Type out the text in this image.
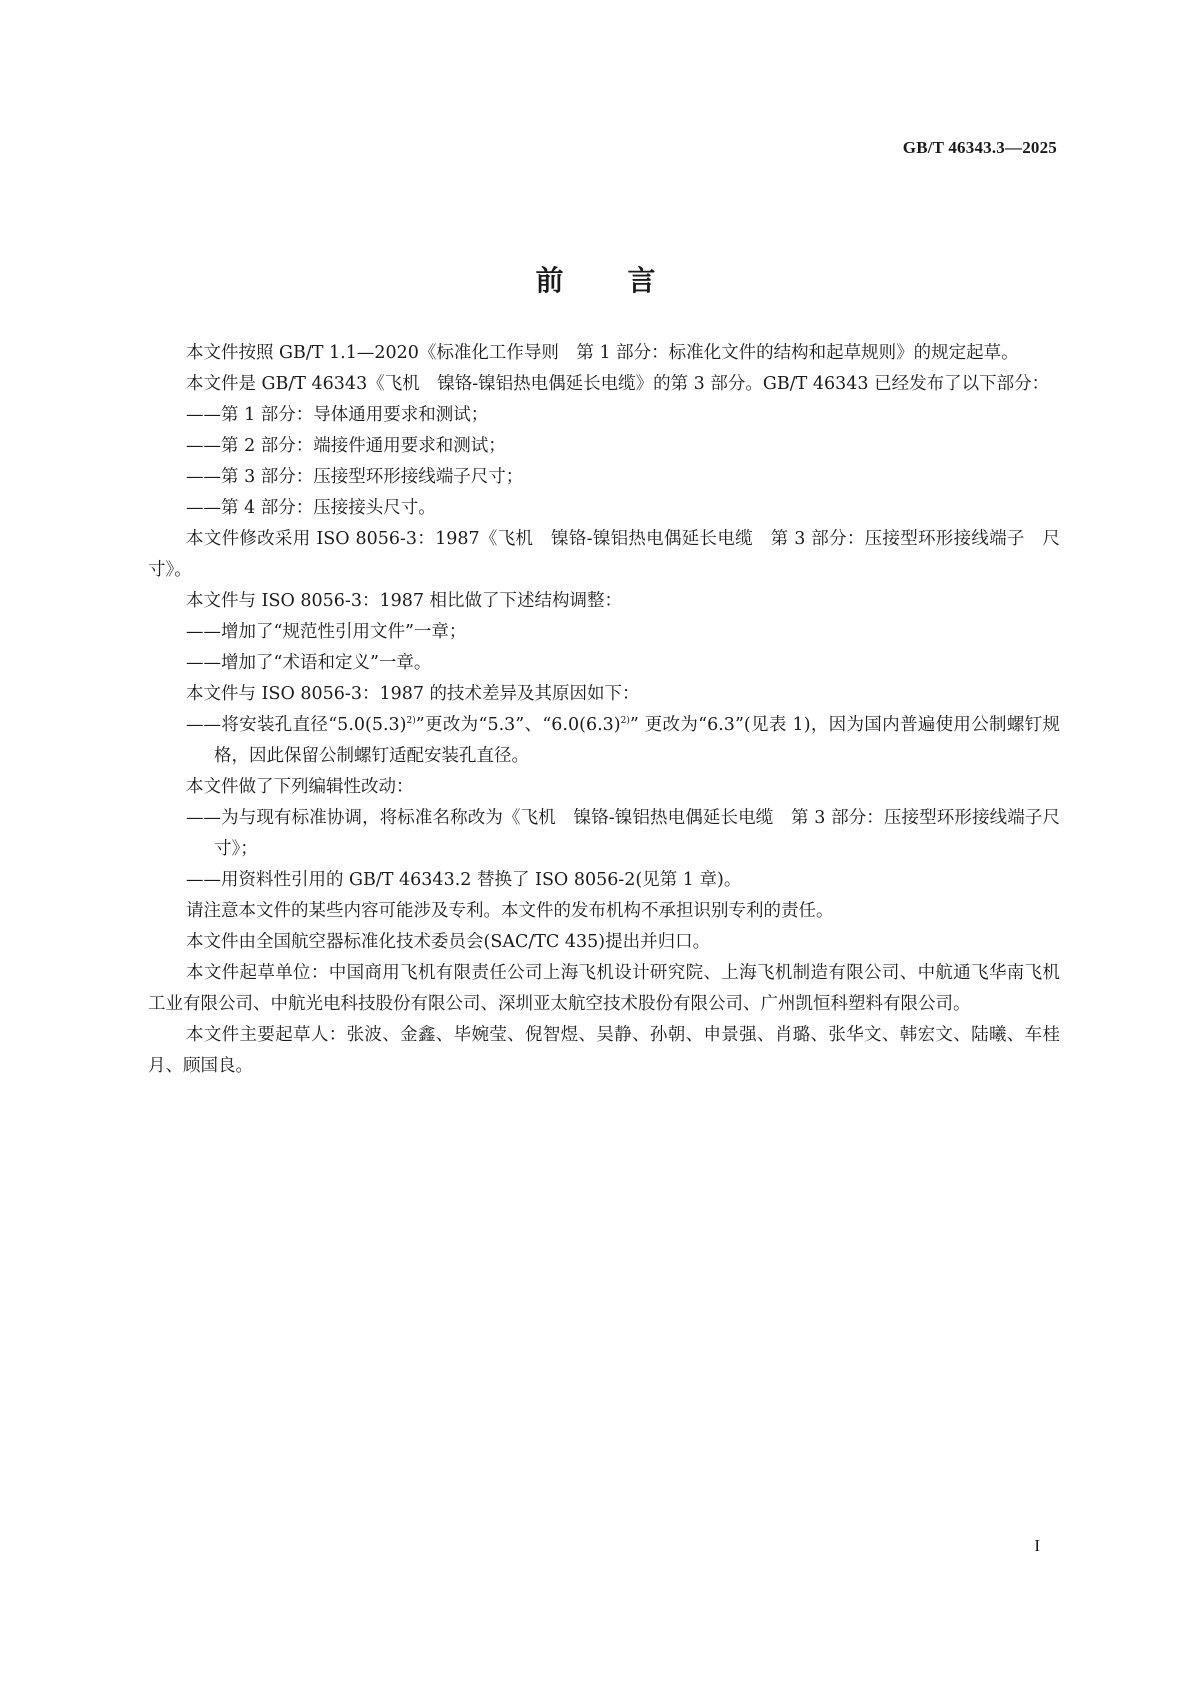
GB/T 46343.3—2025
前言

本文件按照 GB/T 1.1—2020《标准化工作导则　第 1 部分：标准化文件的结构和起草规则》的规定起草。

本文件是 GB/T 46343《飞机　镍铬-镍铝热电偶延长电缆》的第 3 部分。GB/T 46343 已经发布了以下部分：

——第 1 部分：导体通用要求和测试；

——第 2 部分：端接件通用要求和测试；

——第 3 部分：压接型环形接线端子尺寸；

——第 4 部分：压接接头尺寸。

本文件修改采用 ISO 8056-3：1987《飞机　镍铬-镍铝热电偶延长电缆　第 3 部分：压接型环形接线端子　尺寸》。

本文件与 ISO 8056-3：1987 相比做了下述结构调整：

——增加了“规范性引用文件”一章；

——增加了“术语和定义”一章。

本文件与 ISO 8056-3：1987 的技术差异及其原因如下：

——将安装孔直径“$5.0(5.3)^{2)}$”更改为“5.3”、“$6.0(6.3)^{2)}$” 更改为“6.3”(见表 1)，因为国内普遍使用公制螺钉规格，因此保留公制螺钉适配安装孔直径。

本文件做了下列编辑性改动：

——为与现有标准协调，将标准名称改为《飞机　镍铬-镍铝热电偶延长电缆　第 3 部分：压接型环形接线端子尺寸》；

——用资料性引用的 GB/T 46343.2 替换了 ISO 8056-2(见第 1 章)。

请注意本文件的某些内容可能涉及专利。本文件的发布机构不承担识别专利的责任。

本文件由全国航空器标准化技术委员会(SAC/TC 435)提出并归口。

本文件起草单位：中国商用飞机有限责任公司上海飞机设计研究院、上海飞机制造有限公司、中航通飞华南飞机工业有限公司、中航光电科技股份有限公司、深圳亚太航空技术股份有限公司、广州凯恒科塑料有限公司。

本文件主要起草人：张波、金鑫、毕婉莹、倪智煜、吴静、孙朝、申景强、肖璐、张华文、韩宏文、陆曦、车桂月、顾国良。

I
